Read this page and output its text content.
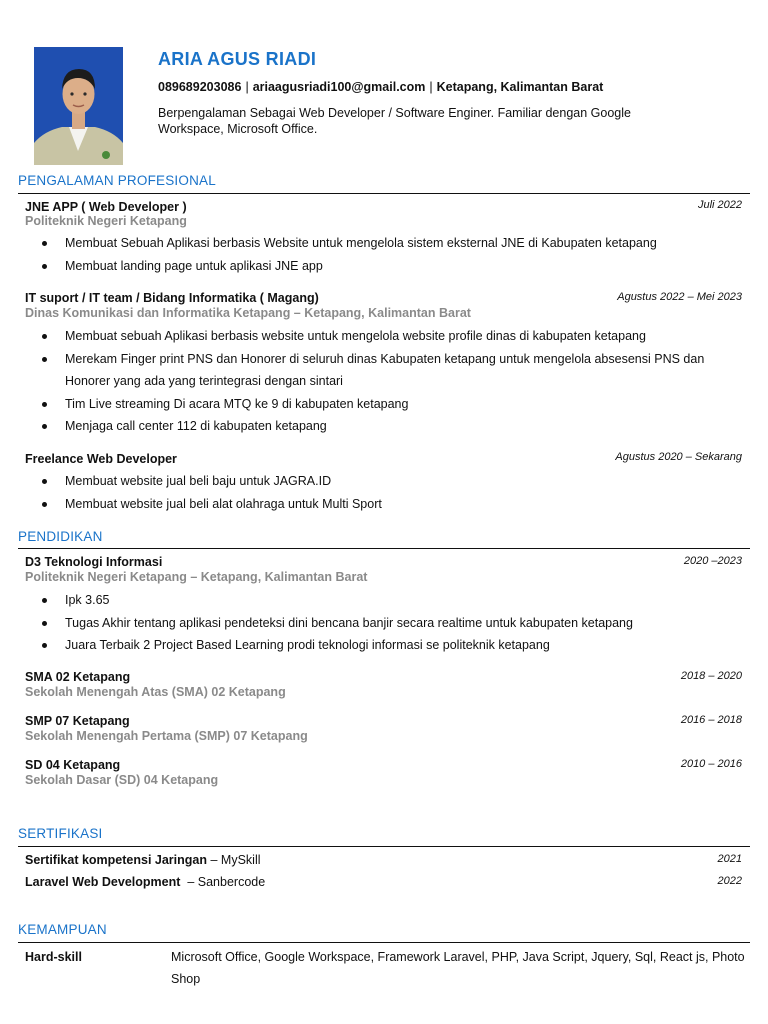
ARIA AGUS RIADI
089689203086 | ariaagusriadi100@gmail.com | Ketapang, Kalimantan Barat
Berpengalaman Sebagai Web Developer / Software Enginer. Familiar dengan Google Workspace, Microsoft Office.
PENGALAMAN PROFESIONAL
JNE APP ( Web Developer )	Juli 2022
Politeknik Negeri Ketapang
Membuat Sebuah Aplikasi berbasis Website untuk mengelola sistem eksternal JNE di Kabupaten ketapang
Membuat landing page untuk aplikasi JNE app
IT suport / IT team / Bidang Informatika ( Magang)	Agustus 2022 – Mei 2023
Dinas Komunikasi dan Informatika Ketapang – Ketapang, Kalimantan Barat
Membuat sebuah Aplikasi berbasis website untuk mengelola website profile dinas di kabupaten ketapang
Merekam Finger print PNS dan Honorer di seluruh dinas Kabupaten ketapang untuk mengelola absesensi PNS dan Honorer yang ada yang terintegrasi dengan sintari
Tim Live streaming Di acara MTQ ke 9 di kabupaten ketapang
Menjaga call center 112 di kabupaten ketapang
Freelance Web Developer	Agustus 2020 – Sekarang
Membuat website jual beli baju untuk JAGRA.ID
Membuat website jual beli alat olahraga untuk Multi Sport
PENDIDIKAN
D3 Teknologi Informasi	2020 –2023
Politeknik Negeri Ketapang – Ketapang, Kalimantan Barat
Ipk 3.65
Tugas Akhir tentang aplikasi pendeteksi dini bencana banjir secara realtime untuk kabupaten ketapang
Juara Terbaik 2 Project Based Learning prodi teknologi informasi se politeknik ketapang
SMA 02 Ketapang	2018 – 2020
Sekolah Menengah Atas (SMA) 02 Ketapang
SMP 07 Ketapang	2016 – 2018
Sekolah Menengah Pertama (SMP) 07 Ketapang
SD 04 Ketapang	2010 – 2016
Sekolah Dasar (SD) 04 Ketapang
SERTIFIKASI
Sertifikat kompetensi Jaringan – MySkill	2021
Laravel Web Development  – Sanbercode	2022
KEMAMPUAN
Hard-skill	Microsoft Office, Google Workspace, Framework Laravel, PHP, Java Script, Jquery, Sql, React js, Photo Shop
